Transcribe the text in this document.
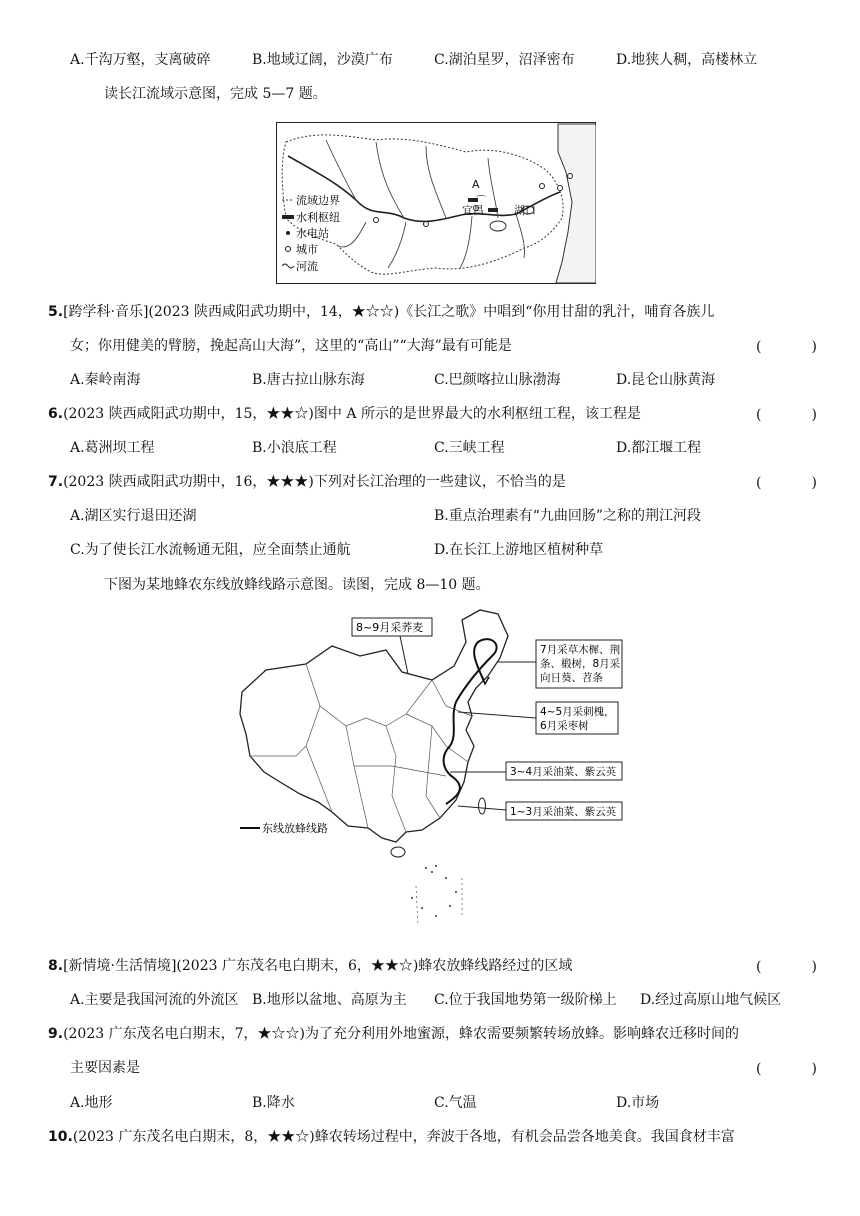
A.千沟万壑，支离破碎	B.地域辽阔，沙漠广布	C.湖泊星罗，沼泽密布	D.地狭人稠，高楼林立
读长江流域示意图，完成 5—7 题。
A
⌒
宜昌	湖口
流域边界
水利枢纽
水电站
城市
河流
5.[跨学科·音乐](2023 陕西咸阳武功期中，14，★☆☆)《长江之歌》中唱到“你用甘甜的乳汁，哺育各族儿
女；你用健美的臂膀，挽起高山大海”，这里的“高山”“大海”最有可能是	(　)
A.秦岭南海	B.唐古拉山脉东海	C.巴颜喀拉山脉渤海	D.昆仑山脉黄海
6.(2023 陕西咸阳武功期中，15，★★☆)图中 A 所示的是世界最大的水利枢纽工程，该工程是	(　)
A.葛洲坝工程	B.小浪底工程	C.三峡工程	D.都江堰工程
7.(2023 陕西咸阳武功期中，16，★★★)下列对长江治理的一些建议，不恰当的是	(　)
A.湖区实行退田还湖	B.重点治理素有“九曲回肠”之称的荆江河段
C.为了使长江水流畅通无阻，应全面禁止通航	D.在长江上游地区植树种草
下图为某地蜂农东线放蜂线路示意图。读图，完成 8—10 题。
8~9月采荞麦
7月采草木樨、荆
条、椴树，8月采
向日葵、苕条
4~5月采刺槐，
6月采枣树
3~4月采油菜、紫云英
1~3月采油菜、紫云英
东线放蜂线路
8.[新情境·生活情境](2023 广东茂名电白期末，6，★★☆)蜂农放蜂线路经过的区域	(　)
A.主要是我国河流的外流区 B.地形以盆地、高原为主 C.位于我国地势第一级阶梯上 D.经过高原山地气候区
9.(2023 广东茂名电白期末，7，★☆☆)为了充分利用外地蜜源，蜂农需要频繁转场放蜂。影响蜂农迁移时间的
主要因素是	(　)
A.地形	B.降水	C.气温	D.市场
10.(2023 广东茂名电白期末，8，★★☆)蜂农转场过程中，奔波于各地，有机会品尝各地美食。我国食材丰富
